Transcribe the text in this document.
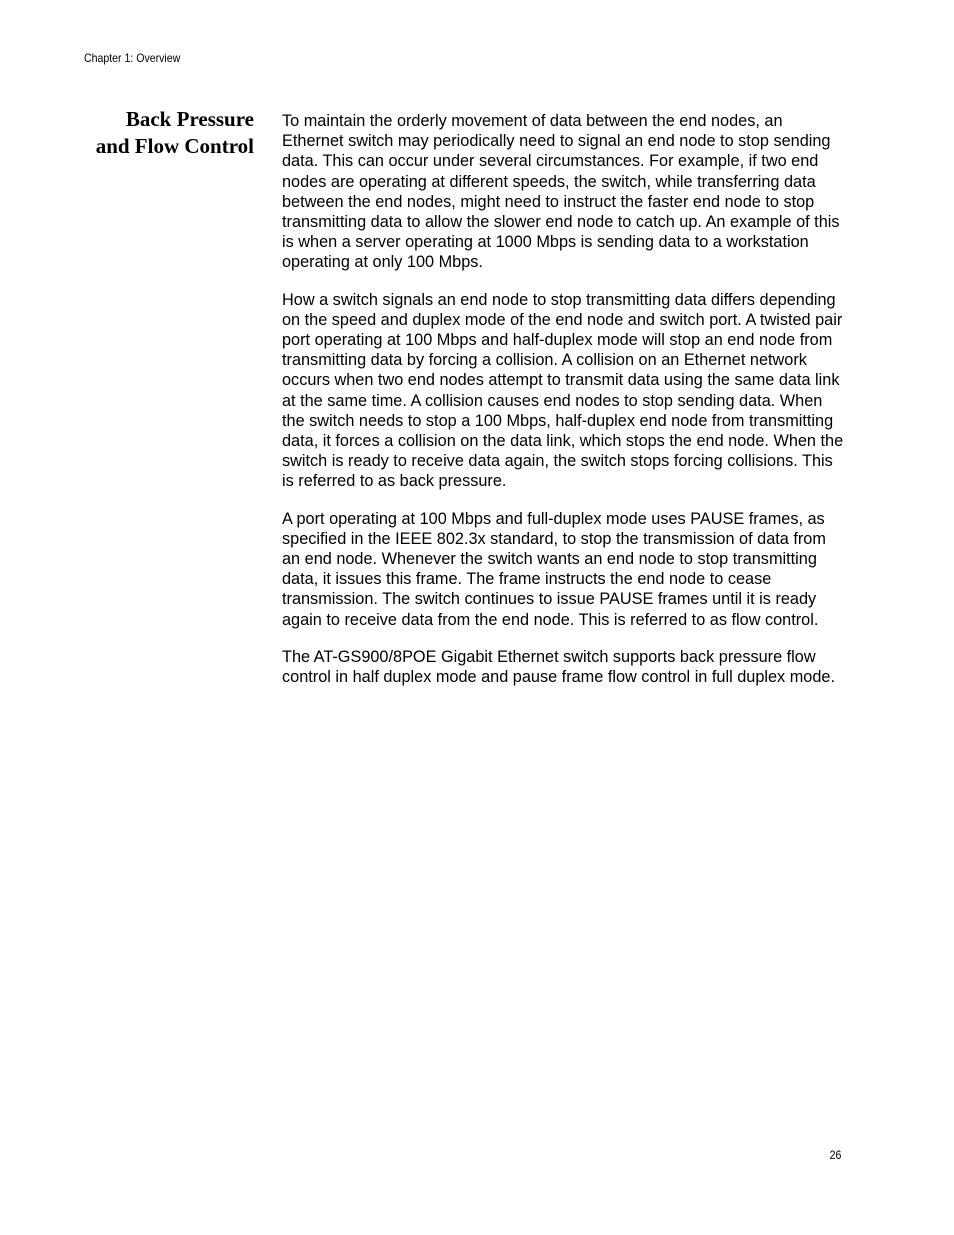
Chapter 1: Overview
Back Pressure
and Flow Control

To maintain the orderly movement of data between the end nodes, an Ethernet switch may periodically need to signal an end node to stop sending data. This can occur under several circumstances. For example, if two end nodes are operating at different speeds, the switch, while transferring data between the end nodes, might need to instruct the faster end node to stop transmitting data to allow the slower end node to catch up. An example of this is when a server operating at 1000 Mbps is sending data to a workstation operating at only 100 Mbps.

How a switch signals an end node to stop transmitting data differs depending on the speed and duplex mode of the end node and switch port. A twisted pair port operating at 100 Mbps and half-duplex mode will stop an end node from transmitting data by forcing a collision. A collision on an Ethernet network occurs when two end nodes attempt to transmit data using the same data link at the same time. A collision causes end nodes to stop sending data. When the switch needs to stop a 100 Mbps, half-duplex end node from transmitting data, it forces a collision on the data link, which stops the end node. When the switch is ready to receive data again, the switch stops forcing collisions. This is referred to as back pressure.

A port operating at 100 Mbps and full-duplex mode uses PAUSE frames, as specified in the IEEE 802.3x standard, to stop the transmission of data from an end node. Whenever the switch wants an end node to stop transmitting data, it issues this frame. The frame instructs the end node to cease transmission. The switch continues to issue PAUSE frames until it is ready again to receive data from the end node. This is referred to as flow control.

The AT-GS900/8POE Gigabit Ethernet switch supports back pressure flow control in half duplex mode and pause frame flow control in full duplex mode.

26
